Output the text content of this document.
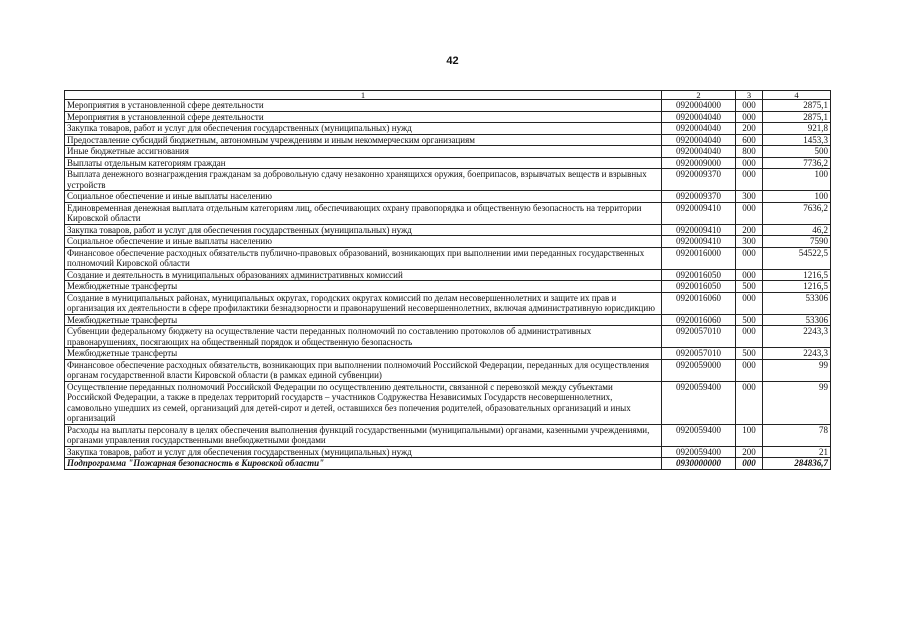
42
1	2	3	4
Мероприятия в установленной сфере деятельности	0920004000	000	2875,1
Мероприятия в установленной сфере деятельности	0920004040	000	2875,1
Закупка товаров, работ и услуг для обеспечения государственных (муниципальных) нужд	0920004040	200	921,8
Предоставление субсидий бюджетным, автономным учреждениям и иным некоммерческим организациям	0920004040	600	1453,3
Иные бюджетные ассигнования	0920004040	800	500
Выплаты отдельным категориям граждан	0920009000	000	7736,2
Выплата денежного вознаграждения гражданам за добровольную сдачу незаконно хранящихся оружия, боеприпасов, взрывчатых веществ и взрывных устройств	0920009370	000	100
Социальное обеспечение и иные выплаты населению	0920009370	300	100
Единовременная денежная выплата отдельным категориям лиц, обеспечивающих охрану правопорядка и общественную безопасность на территории Кировской области	0920009410	000	7636,2
Закупка товаров, работ и услуг для обеспечения государственных (муниципальных) нужд	0920009410	200	46,2
Социальное обеспечение и иные выплаты населению	0920009410	300	7590
Финансовое обеспечение расходных обязательств публично-правовых образований, возникающих при выполнении ими переданных государственных полномочий Кировской области	0920016000	000	54522,5
Создание и деятельность в муниципальных образованиях административных комиссий	0920016050	000	1216,5
Межбюджетные трансферты	0920016050	500	1216,5
Создание в муниципальных районах, муниципальных округах, городских округах комиссий по делам несовершеннолетних и защите их прав и организация их деятельности в сфере профилактики безнадзорности и правонарушений несовершеннолетних, включая административную юрисдикцию	0920016060	000	53306
Межбюджетные трансферты	0920016060	500	53306
Субвенции федеральному бюджету на осуществление части переданных полномочий по составлению протоколов об административных правонарушениях, посягающих на общественный порядок и общественную безопасность	0920057010	000	2243,3
Межбюджетные трансферты	0920057010	500	2243,3
Финансовое обеспечение расходных обязательств, возникающих при выполнении полномочий Российской Федерации, переданных для осуществления органам государственной власти Кировской области (в рамках единой субвенции)	0920059000	000	99
Осуществление переданных полномочий Российской Федерации по осуществлению деятельности, связанной с перевозкой между субъектами Российской Федерации, а также в пределах территорий государств – участников Содружества Независимых Государств несовершеннолетних, самовольно ушедших из семей, организаций для детей-сирот и детей, оставшихся без попечения родителей, образовательных организаций и иных организаций	0920059400	000	99
Расходы на выплаты персоналу в целях обеспечения выполнения функций государственными (муниципальными) органами, казенными учреждениями, органами управления государственными внебюджетными фондами	0920059400	100	78
Закупка товаров, работ и услуг для обеспечения государственных (муниципальных) нужд	0920059400	200	21
Подпрограмма "Пожарная безопасность в Кировской области"	0930000000	000	284836,7
